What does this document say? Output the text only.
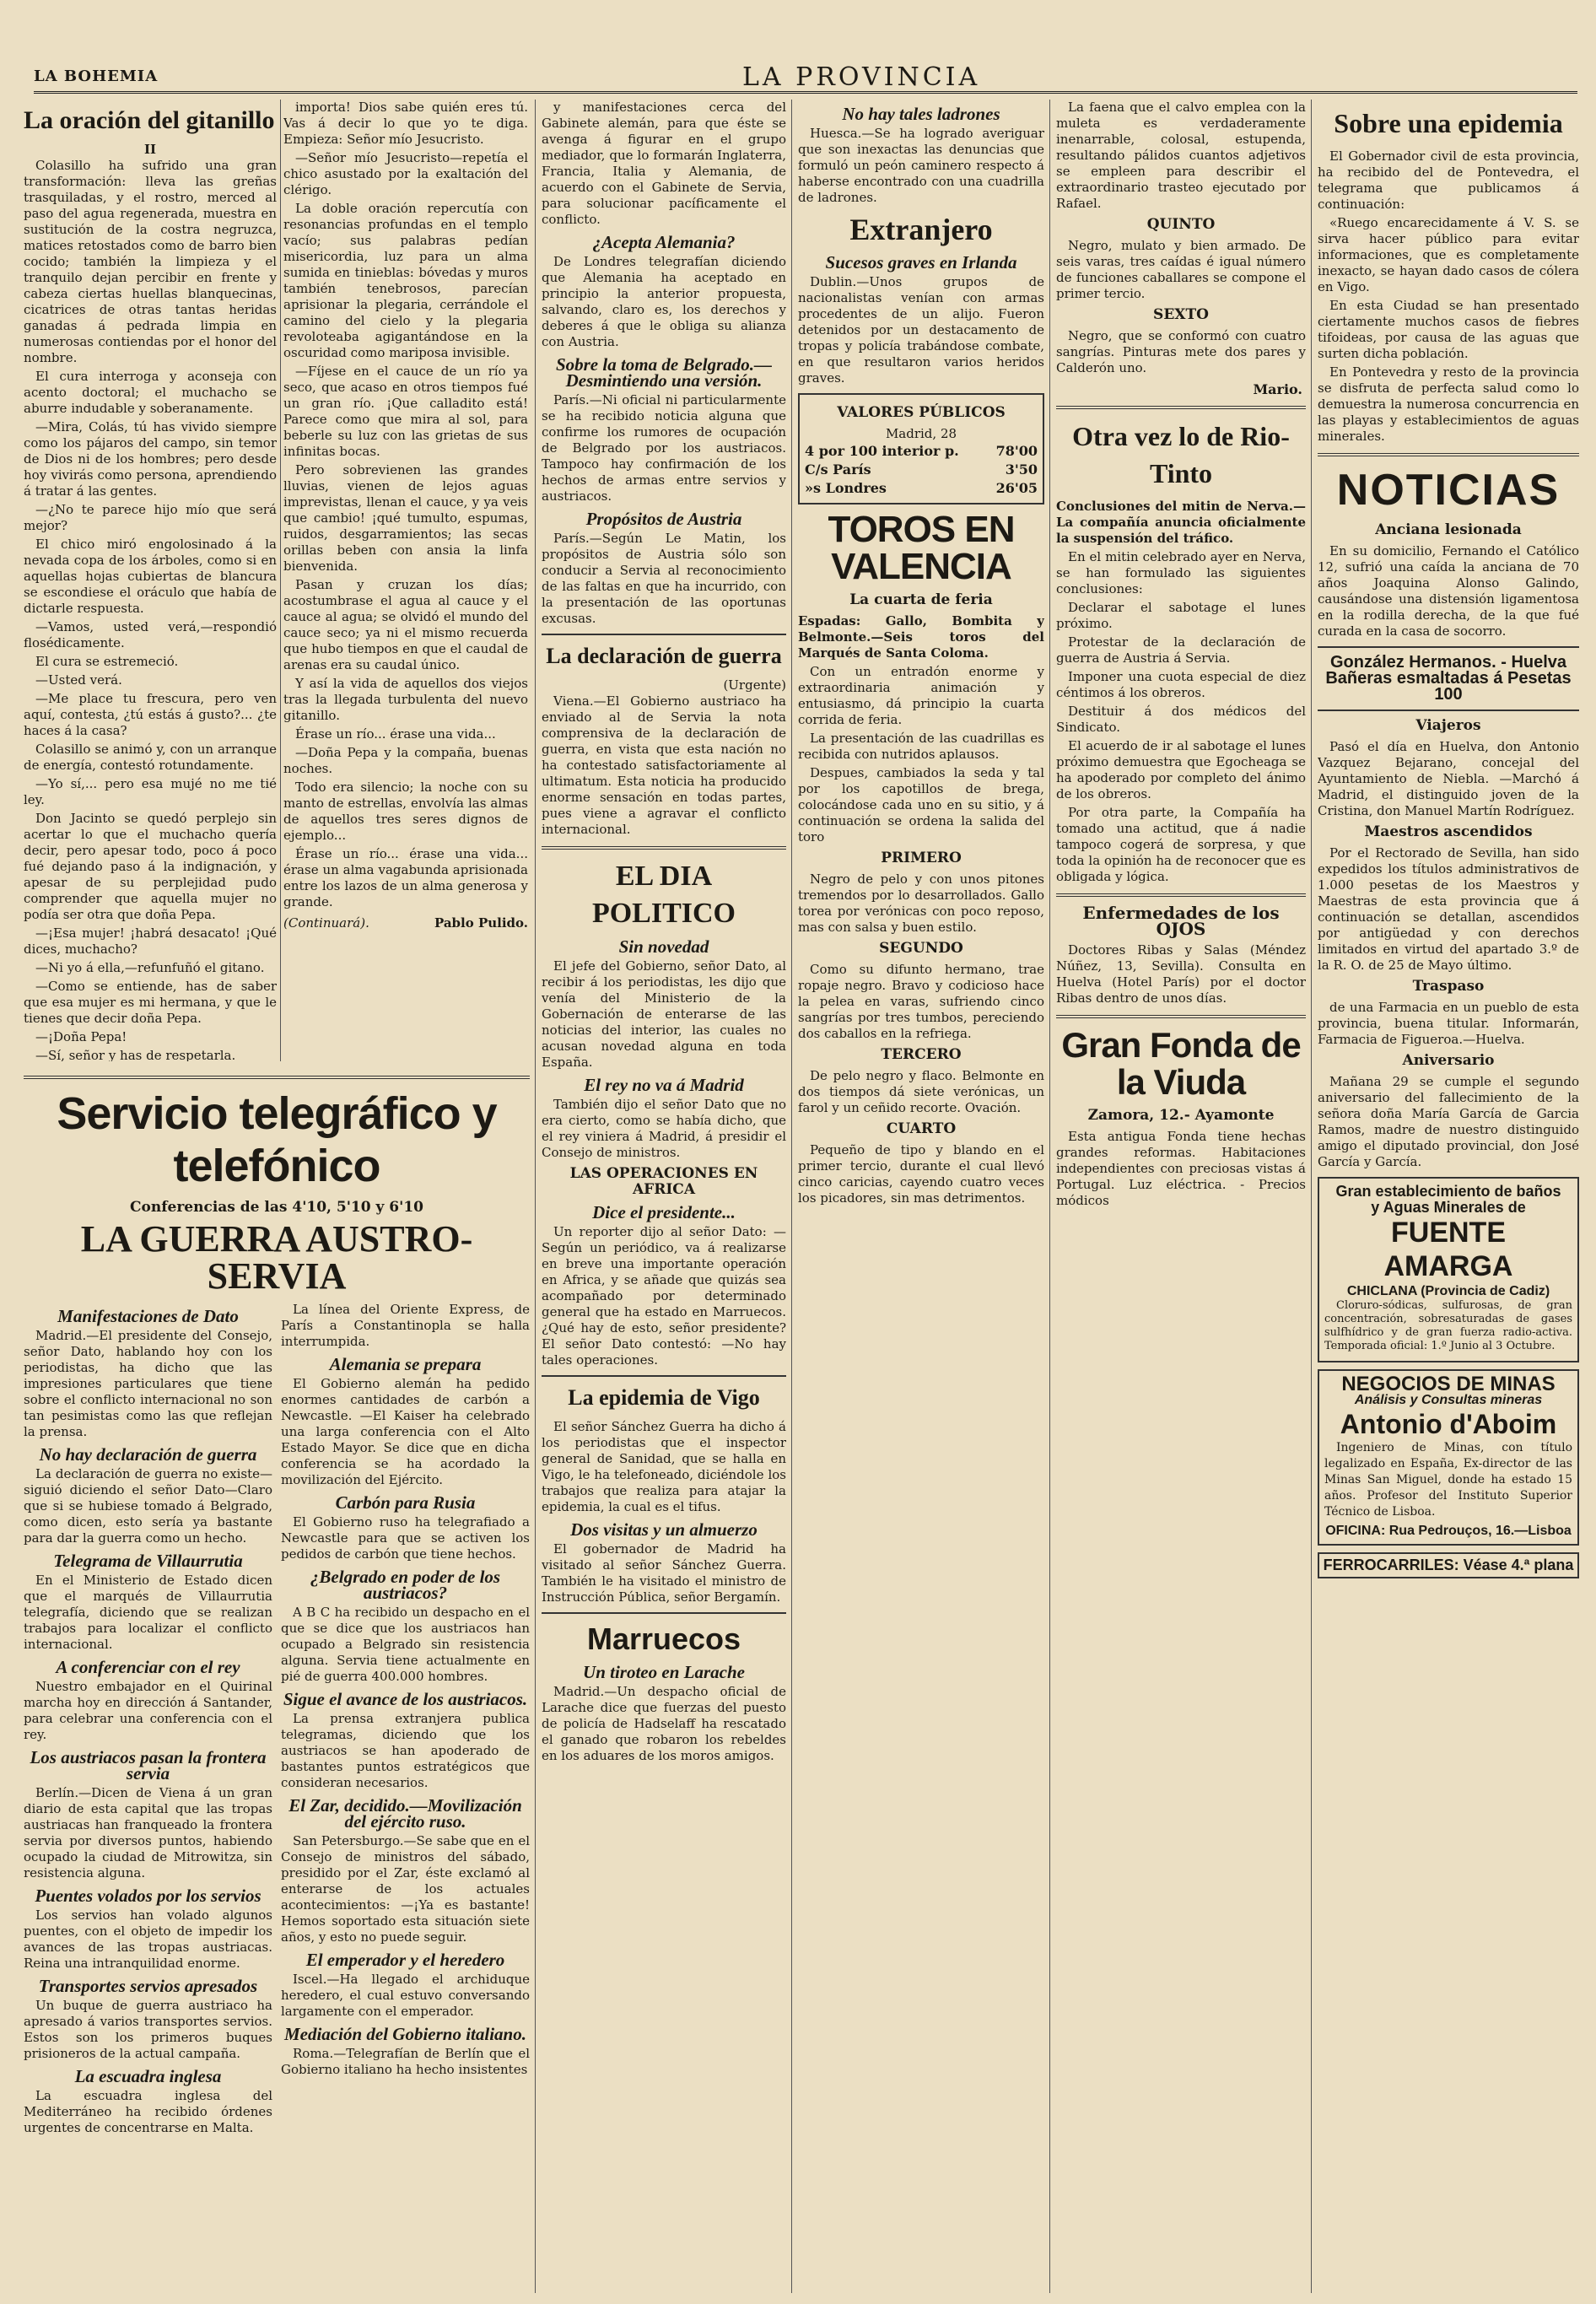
LA BOHEMIA	LA PROVINCIA
La oración del gitanillo
II

Colasillo ha sufrido una gran transformación: lleva las greñas trasquiladas, y el rostro, merced al paso del agua regenerada, muestra en sustitución de la costra negruzca, matices retostados como de barro bien cocido; también la limpieza y el tranquilo dejan percibir en frente y cabeza ciertas huellas blanquecinas, cicatrices de otras tantas heridas ganadas á pedrada limpia en numerosas contiendas por el honor del nombre.

El cura interroga y aconseja con acento doctoral; el muchacho se aburre indudable y soberanamente.

—Mira, Colás, tú has vivido siempre como los pájaros del campo, sin temor de Dios ni de los hombres; pero desde hoy vivirás como persona, aprendiendo á tratar á las gentes.

—¿No te parece hijo mío que será mejor?

El chico miró engolosinado á la nevada copa de los árboles, como si en aquellas hojas cubiertas de blancura se escondiese el oráculo que había de dictarle respuesta.

—Vamos, usted verá,—respondió flosédicamente.

El cura se estremeció.

—Usted verá.

—Me place tu frescura, pero ven aquí, contesta, ¿tú estás á gusto?... ¿te haces á la casa?

Colasillo se animó y, con un arranque de energía, contestó rotundamente.

—Yo sí,... pero esa mujé no me tié ley.

Don Jacinto se quedó perplejo sin acertar lo que el muchacho quería decir, pero apesar todo, poco á poco fué dejando paso á la indignación, y apesar de su perplejidad pudo comprender que aquella mujer no podía ser otra que doña Pepa.

—¡Esa mujer! ¡habrá desacato! ¡Qué dices, muchacho?

—Ni yo á ella,—refunfuñó el gitano.

—Como se entiende, has de saber que esa mujer es mi hermana, y que le tienes que decir doña Pepa.

—¡Doña Pepa!

—Sí, señor y has de respetarla.

importa! Dios sabe quién eres tú. Vas á decir lo que yo te diga. Empieza: Señor mío Jesucristo.

—Señor mío Jesucristo—repetía el chico asustado por la exaltación del clérigo.

La doble oración repercutía con resonancias profundas en el templo vacío; sus palabras pedían misericordia, luz para un alma sumida en tinieblas: bóvedas y muros también tenebrosos, parecían aprisionar la plegaria, cerrándole el camino del cielo y la plegaria revoloteaba agigantándose en la oscuridad como mariposa invisible.

—Fíjese en el cauce de un río ya seco, que acaso en otros tiempos fué un gran río. ¡Que calladito está! Parece como que mira al sol, para beberle su luz con las grietas de sus infinitas bocas.

Pero sobrevienen las grandes lluvias, vienen de lejos aguas imprevistas, llenan el cauce, y ya veis que cambio! ¡qué tumulto, espumas, ruidos, desgarramientos; las secas orillas beben con ansia la linfa bienvenida.

Pasan y cruzan los días; acostumbrase el agua al cauce y el cauce al agua; se olvidó el mundo del cauce seco; ya ni el mismo recuerda que hubo tiempos en que el caudal de arenas era su caudal único.

Y así la vida de aquellos dos viejos tras la llegada turbulenta del nuevo gitanillo.

Érase un río... érase una vida...

—Doña Pepa y la compaña, buenas noches.

Todo era silencio; la noche con su manto de estrellas, envolvía las almas de aquellos tres seres dignos de ejemplo...

Érase un río... érase una vida... érase un alma vagabunda aprisionada entre los lazos de un alma generosa y grande.

(Continuará).	Pablo Pulido.
Servicio telegráfico y telefónico
Conferencias de las 4'10, 5'10 y 6'10
LA GUERRA AUSTRO-SERVIA
Manifestaciones de Dato

Madrid.—El presidente del Consejo, señor Dato, hablando hoy con los periodistas, ha dicho que las impresiones particulares que tiene sobre el conflicto internacional no son tan pesimistas como las que reflejan la prensa.

No hay declaración de guerra

La declaración de guerra no existe—siguió diciendo el señor Dato—Claro que si se hubiese tomado á Belgrado, como dicen, esto sería ya bastante para dar la guerra como un hecho.

Telegrama de Villaurrutia

En el Ministerio de Estado dicen que el marqués de Villaurrutia telegrafía, diciendo que se realizan trabajos para localizar el conflicto internacional.

A conferenciar con el rey

Nuestro embajador en el Quirinal marcha hoy en dirección á Santander, para celebrar una conferencia con el rey.

Los austriacos pasan la frontera servia

Berlín.—Dicen de Viena á un gran diario de esta capital que las tropas austriacas han franqueado la frontera servia por diversos puntos, habiendo ocupado la ciudad de Mitrowitza, sin resistencia alguna.

Puentes volados por los servios

Los servios han volado algunos puentes, con el objeto de impedir los avances de las tropas austriacas. Reina una intranquilidad enorme.

Transportes servios apresados

Un buque de guerra austriaco ha apresado á varios transportes servios. Estos son los primeros buques prisioneros de la actual campaña.

La escuadra inglesa

La escuadra inglesa del Mediterráneo ha recibido órdenes urgentes de concentrarse en Malta.

La línea del Oriente Express, de París a Constantinopla se halla interrumpida.

Alemania se prepara

El Gobierno alemán ha pedido enormes cantidades de carbón a Newcastle. —El Kaiser ha celebrado una larga conferencia con el Alto Estado Mayor. Se dice que en dicha conferencia se ha acordado la movilización del Ejército.

Carbón para Rusia

El Gobierno ruso ha telegrafiado a Newcastle para que se activen los pedidos de carbón que tiene hechos.

¿Belgrado en poder de los austriacos?

A B C ha recibido un despacho en el que se dice que los austriacos han ocupado a Belgrado sin resistencia alguna. Servia tiene actualmente en pié de guerra 400.000 hombres.

Sigue el avance de los austriacos.

La prensa extranjera publica telegramas, diciendo que los austriacos se han apoderado de bastantes puntos estratégicos que consideran necesarios.

El Zar, decidido.—Movilización del ejército ruso.

San Petersburgo.—Se sabe que en el Consejo de ministros del sábado, presidido por el Zar, éste exclamó al enterarse de los actuales acontecimientos: —¡Ya es bastante! Hemos soportado esta situación siete años, y esto no puede seguir.

El emperador y el heredero

Iscel.—Ha llegado el archiduque heredero, el cual estuvo conversando largamente con el emperador.

Mediación del Gobierno italiano.

Roma.—Telegrafían de Berlín que el Gobierno italiano ha hecho insistentes

y manifestaciones cerca del Gabinete alemán, para que éste se avenga á figurar en el grupo mediador, que lo formarán Inglaterra, Francia, Italia y Alemania, de acuerdo con el Gabinete de Servia, para solucionar pacíficamente el conflicto.

¿Acepta Alemania?

De Londres telegrafían diciendo que Alemania ha aceptado en principio la anterior propuesta, salvando, claro es, los derechos y deberes á que le obliga su alianza con Austria.

Sobre la toma de Belgrado.—Desmintiendo una versión.

París.—Ni oficial ni particularmente se ha recibido noticia alguna que confirme los rumores de ocupación de Belgrado por los austriacos. Tampoco hay confirmación de los hechos de armas entre servios y austriacos.

Propósitos de Austria

París.—Según Le Matin, los propósitos de Austria sólo son conducir a Servia al reconocimiento de las faltas en que ha incurrido, con la presentación de las oportunas excusas.

La declaración de guerra
(Urgente)

Viena.—El Gobierno austriaco ha enviado al de Servia la nota comprensiva de la declaración de guerra, en vista que esta nación no ha contestado satisfactoriamente al ultimatum. Esta noticia ha producido enorme sensación en todas partes, pues viene a agravar el conflicto internacional.

EL DIA POLITICO
Sin novedad

El jefe del Gobierno, señor Dato, al recibir á los periodistas, les dijo que venía del Ministerio de la Gobernación de enterarse de las noticias del interior, las cuales no acusan novedad alguna en toda España.

El rey no va á Madrid

También dijo el señor Dato que no era cierto, como se había dicho, que el rey viniera á Madrid, á presidir el Consejo de ministros.

LAS OPERACIONES EN AFRICA
Dice el presidente...

Un reporter dijo al señor Dato: —Según un periódico, va á realizarse en breve una importante operación en Africa, y se añade que quizás sea acompañado por determinado general que ha estado en Marruecos. ¿Qué hay de esto, señor presidente? El señor Dato contestó: —No hay tales operaciones.

La epidemia de Vigo

El señor Sánchez Guerra ha dicho á los periodistas que el inspector general de Sanidad, que se halla en Vigo, le ha telefoneado, diciéndole los trabajos que realiza para atajar la epidemia, la cual es el tifus.

Dos visitas y un almuerzo

El gobernador de Madrid ha visitado al señor Sánchez Guerra. También le ha visitado el ministro de Instrucción Pública, señor Bergamín.

Marruecos
Un tiroteo en Larache

Madrid.—Un despacho oficial de Larache dice que fuerzas del puesto de policía de Hadselaff ha rescatado el ganado que robaron los rebeldes en los aduares de los moros amigos.

No hay tales ladrones

Huesca.—Se ha logrado averiguar que son inexactas las denuncias que formuló un peón caminero respecto á haberse encontrado con una cuadrilla de ladrones.

Extranjero
Sucesos graves en Irlanda

Dublin.—Unos grupos de nacionalistas venían con armas procedentes de un alijo. Fueron detenidos por un destacamento de tropas y policía trabándose combate, en que resultaron varios heridos graves.

VALORES PÚBLICOS
Madrid, 28
4 por 100 interior p.	78'00
C/s París	3'50
»s Londres	26'05
TOROS EN VALENCIA
La cuarta de feria

Espadas: Gallo, Bombita y Belmonte.—Seis toros del Marqués de Santa Coloma.

Con un entradón enorme y extraordinaria animación y entusiasmo, dá principio la cuarta corrida de feria.

La presentación de las cuadrillas es recibida con nutridos aplausos.

Despues, cambiados la seda y tal por los capotillos de brega, colocándose cada uno en su sitio, y á continuación se ordena la salida del toro

PRIMERO

Negro de pelo y con unos pitones tremendos por lo desarrollados. Gallo torea por verónicas con poco reposo, mas con salsa y buen estilo.

SEGUNDO

Como su difunto hermano, trae ropaje negro. Bravo y codicioso hace la pelea en varas, sufriendo cinco sangrías por tres tumbos, pereciendo dos caballos en la refriega.

TERCERO

De pelo negro y flaco. Belmonte en dos tiempos dá siete verónicas, un farol y un ceñido recorte. Ovación.

CUARTO

Pequeño de tipo y blando en el primer tercio, durante el cual llevó cinco caricias, cayendo cuatro veces los picadores, sin mas detrimentos.

La faena que el calvo emplea con la muleta es verdaderamente inenarrable, colosal, estupenda, resultando pálidos cuantos adjetivos se empleen para describir el extraordinario trasteo ejecutado por Rafael.

QUINTO

Negro, mulato y bien armado. De seis varas, tres caídas é igual número de funciones caballares se compone el primer tercio.

SEXTO

Negro, que se conformó con cuatro sangrías. Pinturas mete dos pares y Calderón uno.

Mario.
Otra vez lo de Rio-Tinto

Conclusiones del mitin de Nerva.—La compañía anuncia oficialmente la suspensión del tráfico.

En el mitin celebrado ayer en Nerva, se han formulado las siguientes conclusiones:

Declarar el sabotage el lunes próximo.

Protestar de la declaración de guerra de Austria á Servia.

Imponer una cuota especial de diez céntimos á los obreros.

Destituir á dos médicos del Sindicato.

El acuerdo de ir al sabotage el lunes próximo demuestra que Egocheaga se ha apoderado por completo del ánimo de los obreros.

Por otra parte, la Compañía ha tomado una actitud, que á nadie tampoco cogerá de sorpresa, y que toda la opinión ha de reconocer que es obligada y lógica.

Enfermedades de los OJOS

Doctores Ribas y Salas (Méndez Núñez, 13, Sevilla). Consulta en Huelva (Hotel París) por el doctor Ribas dentro de unos días.

Gran Fonda de la Viuda
Zamora, 12.- Ayamonte

Esta antigua Fonda tiene hechas grandes reformas. Habitaciones independientes con preciosas vistas á Portugal. Luz eléctrica. - Precios módicos

Sobre una epidemia

El Gobernador civil de esta provincia, ha recibido del de Pontevedra, el telegrama que publicamos á continuación:

«Ruego encarecidamente á V. S. se sirva hacer público para evitar informaciones, que es completamente inexacto, se hayan dado casos de cólera en Vigo.

En esta Ciudad se han presentado ciertamente muchos casos de fiebres tifoideas, por causa de las aguas que surten dicha población.

En Pontevedra y resto de la provincia se disfruta de perfecta salud como lo demuestra la numerosa concurrencia en las playas y establecimientos de aguas minerales.

NOTICIAS
Anciana lesionada

En su domicilio, Fernando el Católico 12, sufrió una caída la anciana de 70 años Joaquina Alonso Galindo, causándose una distensión ligamentosa en la rodilla derecha, de la que fué curada en la casa de socorro.

González Hermanos. - Huelva
Bañeras esmaltadas á Pesetas 100
Viajeros

Pasó el día en Huelva, don Antonio Vazquez Bejarano, concejal del Ayuntamiento de Niebla. —Marchó á Madrid, el distinguido joven de la Cristina, don Manuel Martín Rodríguez.

Maestros ascendidos

Por el Rectorado de Sevilla, han sido expedidos los títulos administrativos de 1.000 pesetas de los Maestros y Maestras de esta provincia que á continuación se detallan, ascendidos por antigüedad y con derechos limitados en virtud del apartado 3.º de la R. O. de 25 de Mayo último.

Traspaso

de una Farmacia en un pueblo de esta provincia, buena titular. Informarán, Farmacia de Figueroa.—Huelva.

Aniversario

Mañana 29 se cumple el segundo aniversario del fallecimiento de la señora doña María García de Garcia Ramos, madre de nuestro distinguido amigo el diputado provincial, don José García y García.

Gran establecimiento de baños
y Aguas Minerales de
FUENTE AMARGA
CHICLANA (Provincia de Cadiz)

Cloruro-sódicas, sulfurosas, de gran concentración, sobresaturadas de gases sulfhídrico y de gran fuerza radio-activa. Temporada oficial: 1.º Junio al 3 Octubre.

NEGOCIOS DE MINAS
Análisis y Consultas mineras
Antonio d'Aboim

Ingeniero de Minas, con título legalizado en España, Ex-director de las Minas San Miguel, donde ha estado 15 años. Profesor del Instituto Superior Técnico de Lisboa.

OFICINA: Rua Pedrouços, 16.—Lisboa
FERROCARRILES: Véase 4.ª plana
